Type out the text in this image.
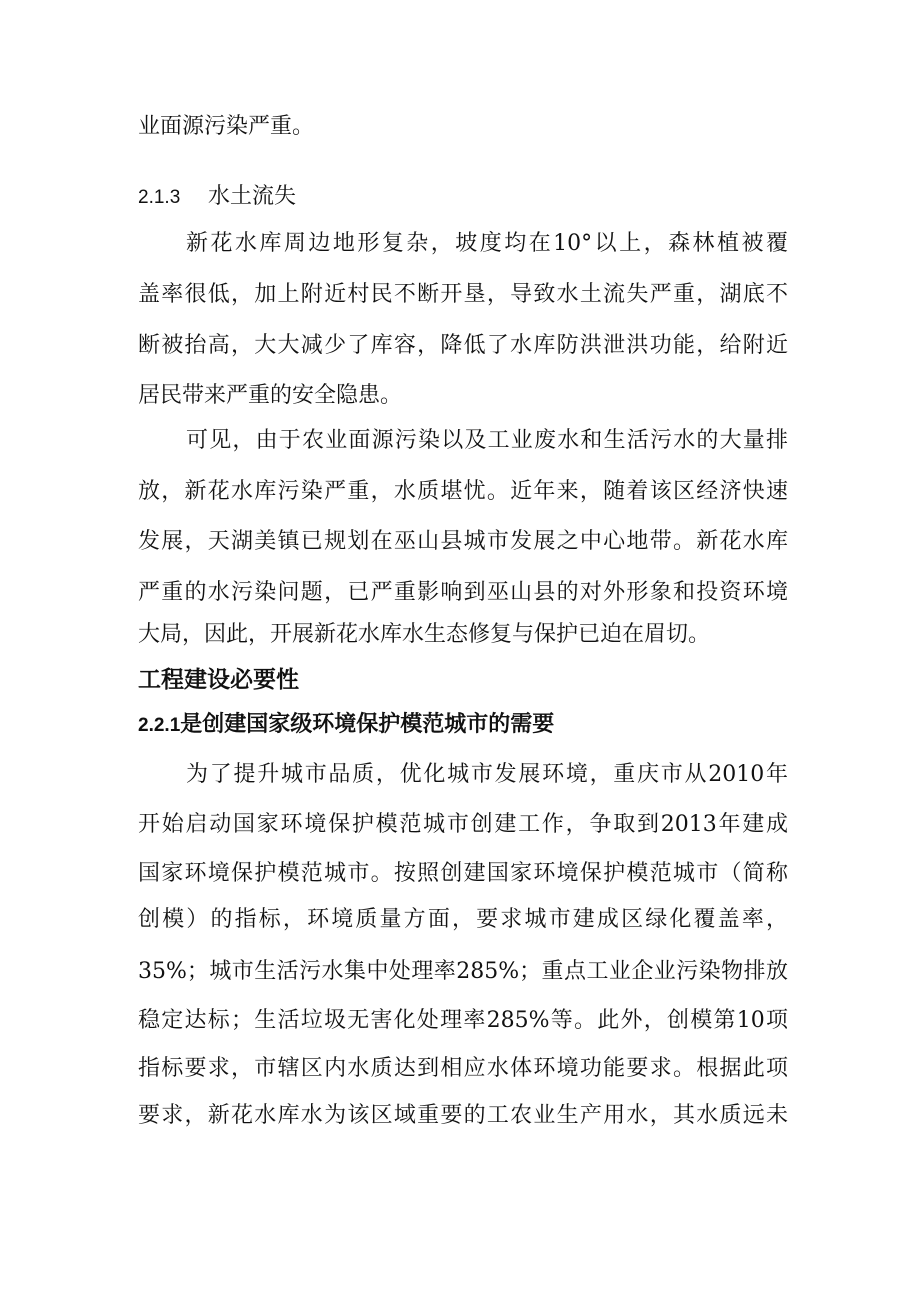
业面源污染严重。
2.1.3 水土流失
新花水库周边地形复杂，坡度均在10°以上，森林植被覆
盖率很低，加上附近村民不断开垦，导致水土流失严重，湖底不
断被抬高，大大减少了库容，降低了水库防洪泄洪功能，给附近
居民带来严重的安全隐患。
可见，由于农业面源污染以及工业废水和生活污水的大量排
放，新花水库污染严重，水质堪忧。近年来，随着该区经济快速
发展，天湖美镇已规划在巫山县城市发展之中心地带。新花水库
严重的水污染问题，已严重影响到巫山县的对外形象和投资环境
大局，因此，开展新花水库水生态修复与保护已迫在眉切。
工程建设必要性
2.2.1是创建国家级环境保护模范城市的需要
为了提升城市品质，优化城市发展环境，重庆市从2010年
开始启动国家环境保护模范城市创建工作，争取到2013年建成
国家环境保护模范城市。按照创建国家环境保护模范城市（简称
创模）的指标，环境质量方面，要求城市建成区绿化覆盖率，
35%；城市生活污水集中处理率285%；重点工业企业污染物排放
稳定达标；生活垃圾无害化处理率285%等。此外，创模第10项
指标要求，市辖区内水质达到相应水体环境功能要求。根据此项
要求，新花水库水为该区域重要的工农业生产用水，其水质远未
